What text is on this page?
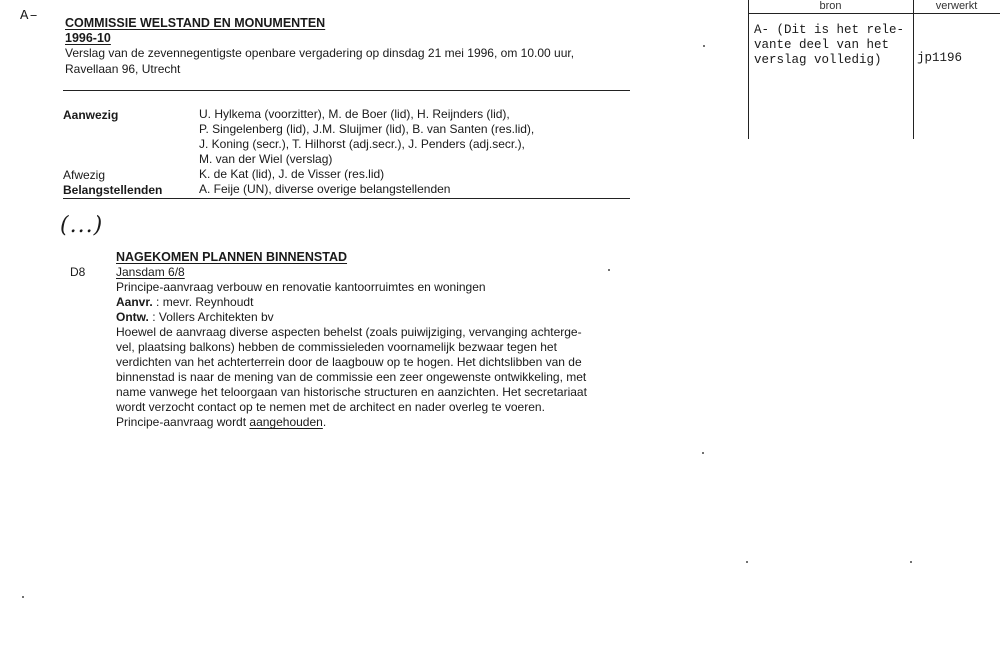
A– COMMISSIE WELSTAND EN MONUMENTEN
1996-10
Verslag van de zevennegentigste openbare vergadering op dinsdag 21 mei 1996, om 10.00 uur,
Ravellaan 96, Utrecht
Aanwezig	U. Hylkema (voorzitter), M. de Boer (lid), H. Reijnders (lid),
P. Singelenberg (lid), J.M. Sluijmer (lid), B. van Santen (res.lid),
J. Koning (secr.), T. Hilhorst (adj.secr.), J. Penders (adj.secr.),
M. van der Wiel (verslag)
Afwezig	K. de Kat (lid), J. de Visser (res.lid)
Belangstellenden	A. Feije (UN), diverse overige belangstellenden
(...)
NAGEKOMEN PLANNEN BINNENSTAD
D8	Jansdam 6/8
Principe-aanvraag verbouw en renovatie kantoorruimtes en woningen
Aanvr. : mevr. Reynhoudt
Ontw. : Vollers Architekten bv
Hoewel de aanvraag diverse aspecten behelst (zoals puiwijziging, vervanging achterge-
vel, plaatsing balkons) hebben de commissieleden voornamelijk bezwaar tegen het
verdichten van het achterterrein door de laagbouw op te hogen. Het dichtslibben van de
binnenstad is naar de mening van de commissie een zeer ongewenste ontwikkeling, met
name vanwege het teloorgaan van historische structuren en aanzichten. Het secretariaat
wordt verzocht contact op te nemen met de architect en nader overleg te voeren.
Principe-aanvraag wordt aangehouden.
bron	verwerkt
A- (Dit is het rele-
vante deel van het
verslag volledig)	jp1196
